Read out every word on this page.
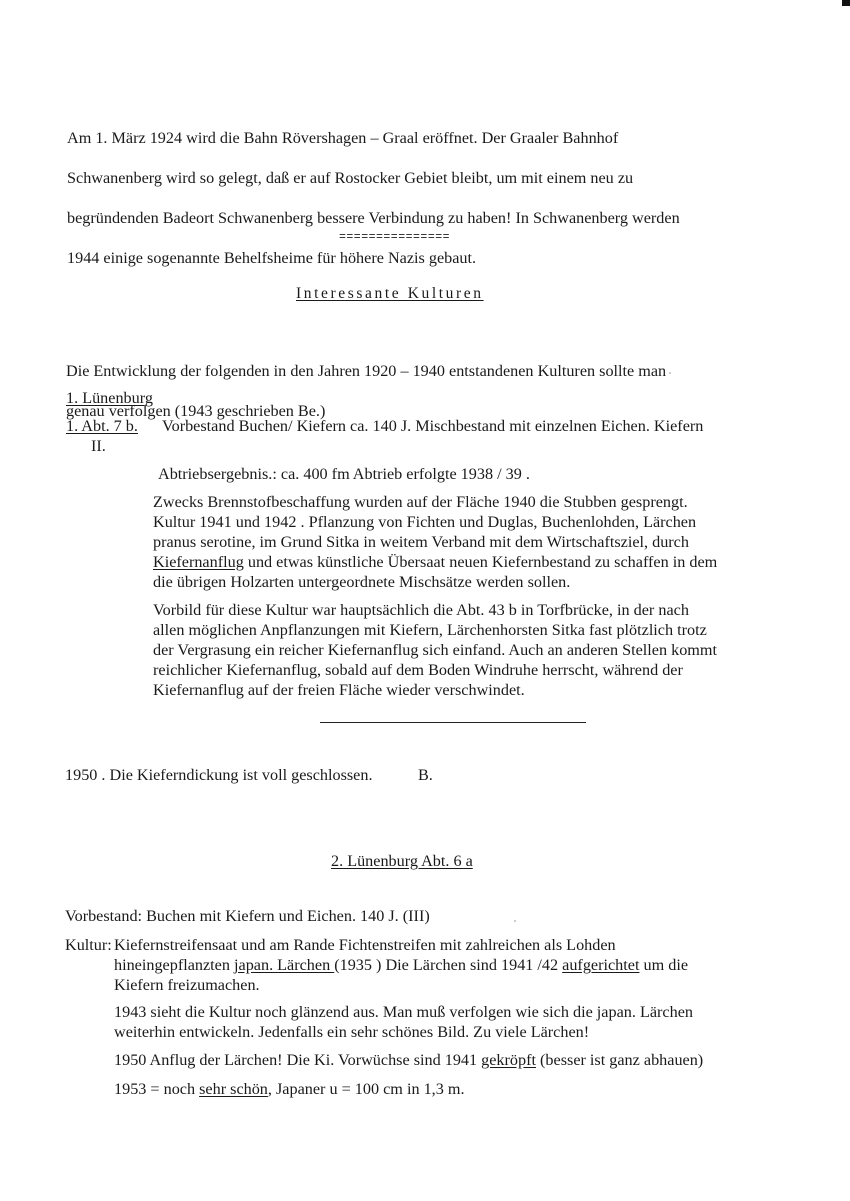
Am 1. März 1924 wird die Bahn Röversha​gen – Graal eröffnet. Der Graaler Bahnhof

Schwanenberg wird so gelegt, daß er auf Rostocker Gebiet bleibt, um mit einem neu zu

begründenden Badeort Schwanenberg bessere Verbindung zu haben! In Schwanenberg werden

1944 einige sogenannte Behelfsheime für höhere Nazis gebaut.

===============
Interessante Kulturen

Die Entwicklung der folgenden in den Jahren 1920 – 1940 entstandenen Kulturen sollte man

genau verfolgen (1943 geschrieben Be.)

1. Lünenburg
1. Abt. 7 b. Vorbestand Buchen/ Kiefern ca. 140 J. Mischbestand mit einzelnen Eichen. Kiefern
II.
Abtriebsergebnis.: ca. 400 fm Abtrieb erfolgte 1938 / 39 .
Zwecks Brennstofbeschaffung wurden auf der Fläche 1940 die Stubben gesprengt.
Kultur 1941 und 1942 . Pflanzung von Fichten und Duglas, Buchenlohden, Lärchen
pranus serotine, im Grund Sitka in weitem Verband mit dem Wirtschaftsziel, durch
Kiefernanflug und etwas künstliche Übersaat neuen Kiefernbestand zu schaffen in dem
die übrigen Holzarten untergeordnete Mischsätze werden sollen.
Vorbild für diese Kultur war hauptsächlich die Abt. 43 b in Torfbrücke, in der nach
allen möglichen Anpflanzungen mit Kiefern, Lärchenhorsten Sitka fast plötzlich trotz
der Vergrasung ein reicher Kiefernanflug sich einfand. Auch an anderen Stellen kommt
reichlicher Kiefernanflug, sobald auf dem Boden Windruhe herrscht, während der
Kiefernanflug auf der freien Fläche wieder verschwindet.
1950 . Die Kieferndickung ist voll geschlossen.	B.
2. Lünenburg Abt. 6 a
Vorbestand: Buchen mit Kiefern und Eichen. 140 J. (III)
Kultur: Kiefernstreifensaat und am Rande Fichtenstreifen mit zahlreichen als Lohden
hineingepflanzten japan. Lärchen (1935 ) Die Lärchen sind 1941 /42 aufgerichtet um die
Kiefern freizumachen.
1943 sieht die Kultur noch glänzend aus. Man muß verfolgen wie sich die japan. Lärchen
weiterhin entwickeln. Jedenfalls ein sehr schönes Bild. Zu viele Lärchen!
1950 Anflug der Lärchen! Die Ki. Vorwüchse sind 1941 gekröpft (besser ist ganz abhauen)
1953 = noch sehr schön, Japaner u = 100 cm in 1,3 m.
